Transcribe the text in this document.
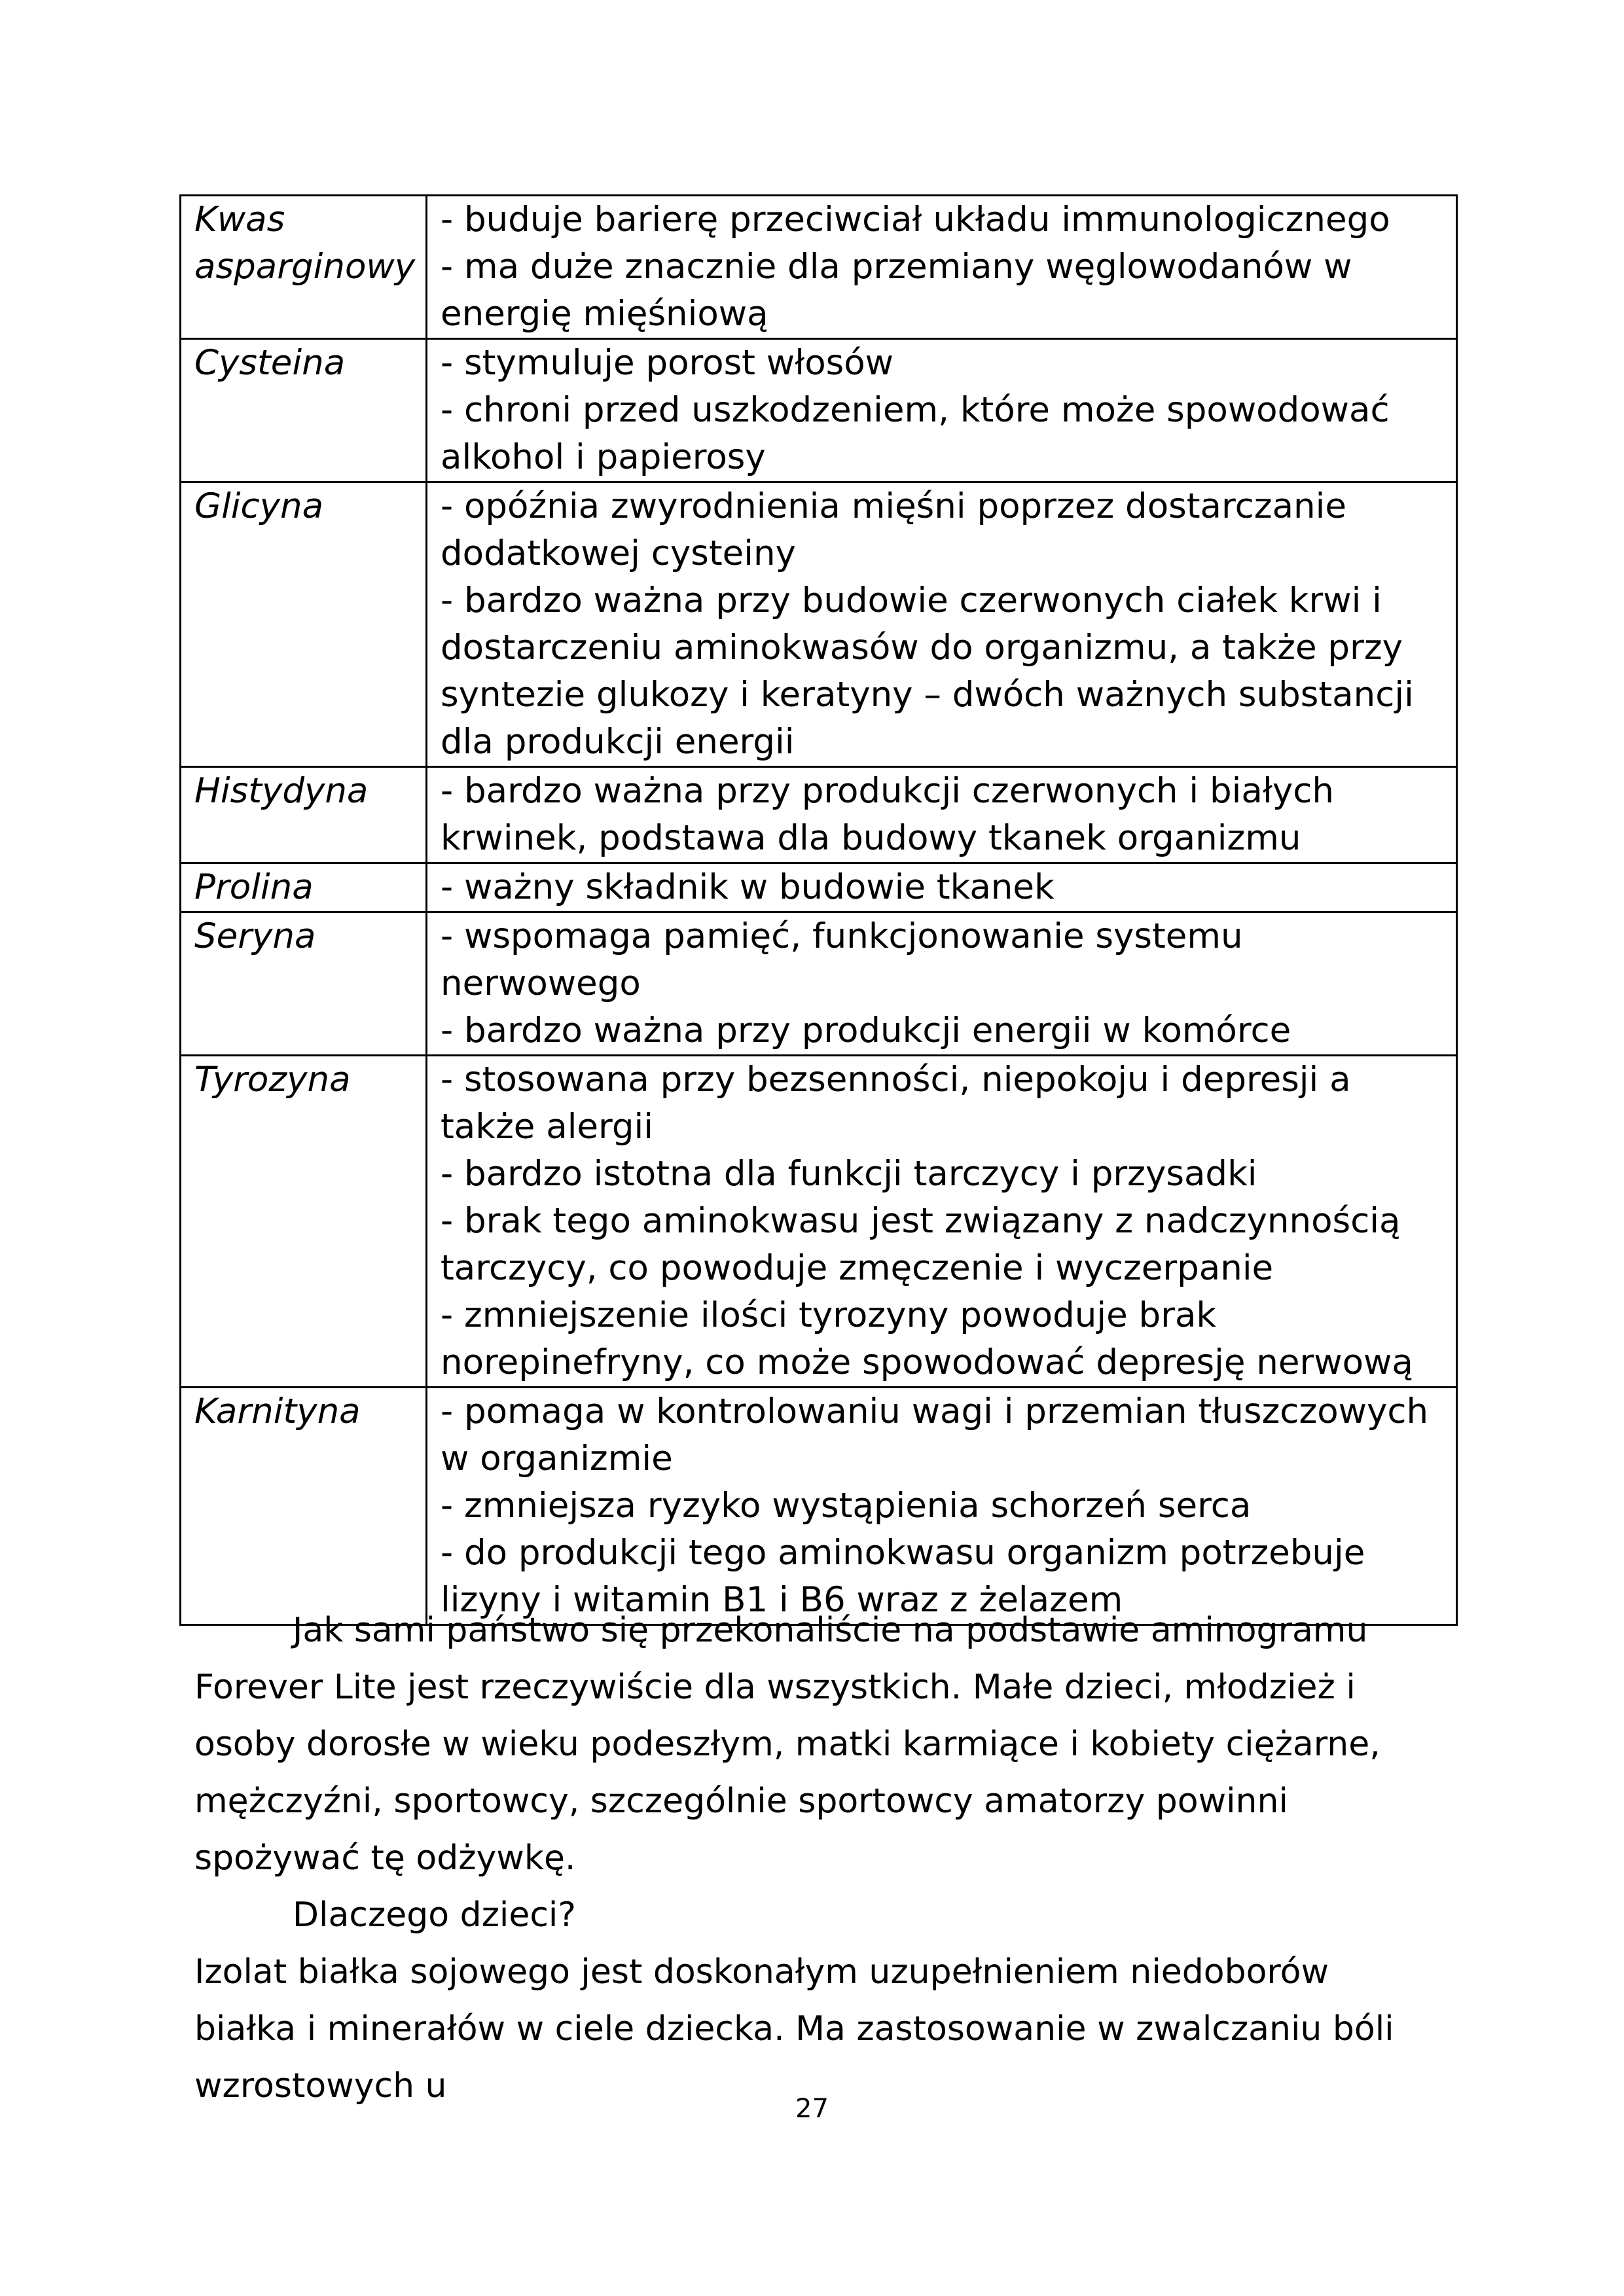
Kwas asparginowy	- buduje barierę przeciwciał układu immunologicznego
- ma duże znacznie dla przemiany węglowodanów w energię mięśniową

Cysteina	- stymuluje porost włosów
- chroni przed uszkodzeniem, które może spowodować alkohol i papierosy

Glicyna	- opóźnia zwyrodnienia mięśni poprzez dostarczanie dodatkowej cysteiny
- bardzo ważna przy budowie czerwonych ciałek krwi i dostarczeniu aminokwasów do organizmu, a także przy syntezie glukozy i keratyny – dwóch ważnych substancji dla produkcji energii

Histydyna	- bardzo ważna przy produkcji czerwonych i białych krwinek, podstawa dla budowy tkanek organizmu

Prolina	- ważny składnik w budowie tkanek

Seryna	- wspomaga pamięć, funkcjonowanie systemu nerwowego
- bardzo ważna przy produkcji energii w komórce

Tyrozyna	- stosowana przy bezsenności, niepokoju i depresji a także alergii
- bardzo istotna dla funkcji tarczycy i przysadki
- brak tego aminokwasu jest związany z nadczynnością tarczycy, co powoduje zmęczenie i wyczerpanie
- zmniejszenie ilości tyrozyny powoduje brak norepinefryny, co może spowodować depresję nerwową

Karnityna	- pomaga w kontrolowaniu wagi i przemian tłuszczowych w organizmie
- zmniejsza ryzyko wystąpienia schorzeń serca
- do produkcji tego aminokwasu organizm potrzebuje lizyny i witamin B1 i B6 wraz z żelazem

Jak sami państwo się przekonaliście na podstawie aminogramu Forever Lite jest rzeczywiście dla wszystkich. Małe dzieci, młodzież i osoby dorosłe w wieku podeszłym, matki karmiące i kobiety ciężarne, mężczyźni, sportowcy, szczególnie sportowcy amatorzy powinni spożywać tę odżywkę.

Dlaczego dzieci?

Izolat białka sojowego jest doskonałym uzupełnieniem niedoborów białka i minerałów w ciele dziecka. Ma zastosowanie w zwalczaniu bóli wzrostowych u

27
